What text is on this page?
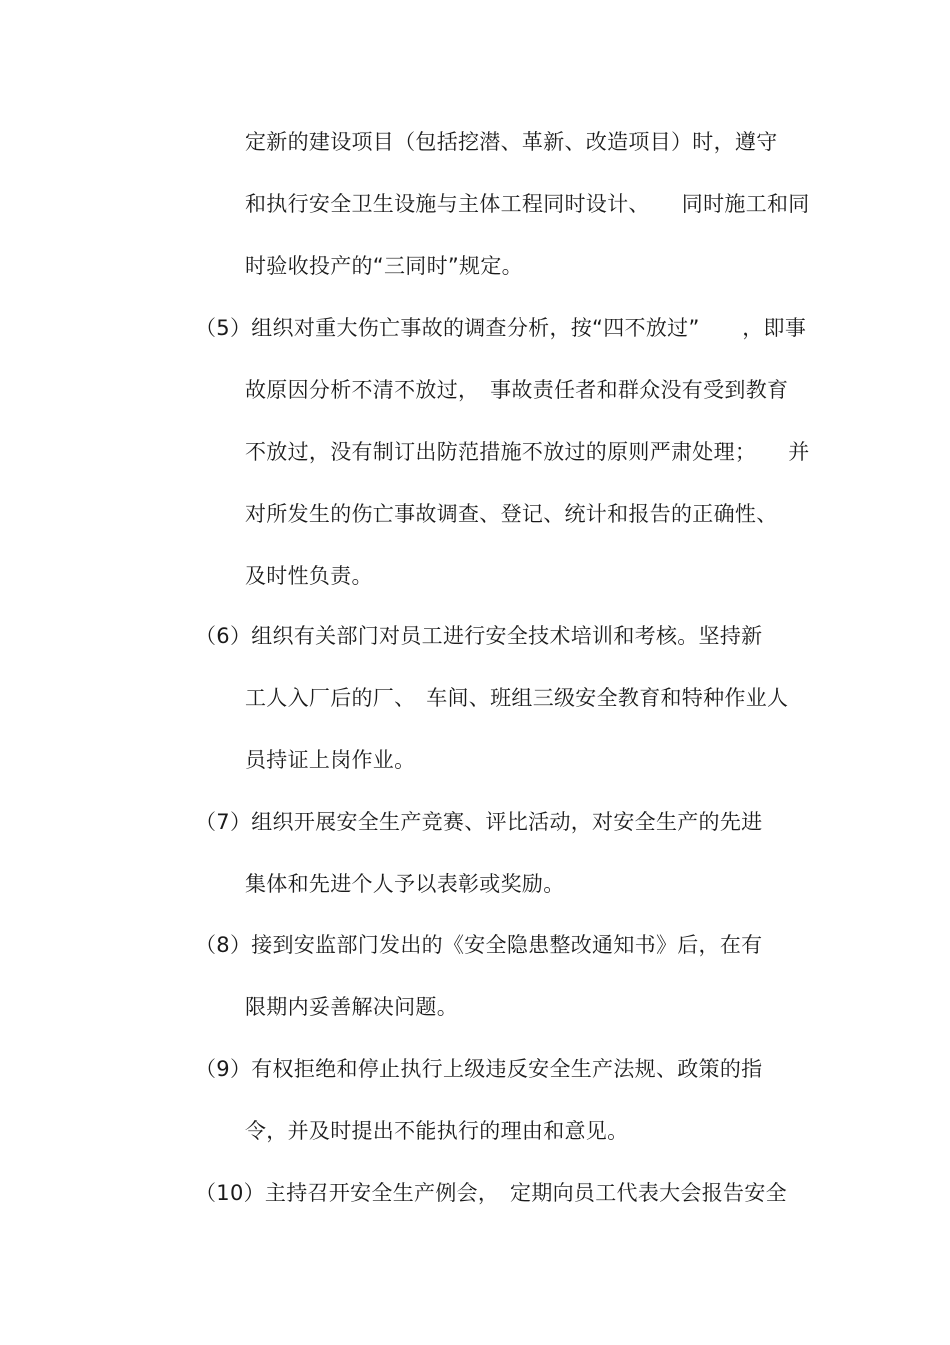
定新的建设项目（包括挖潜、革新、改造项目）时，遵守
和执行安全卫生设施与主体工程同时设计、　　同时施工和同
时验收投产的“三同时”规定。
（5）组织对重大伤亡事故的调查分析，按“四不放过”　　，即事
故原因分析不清不放过，　事故责任者和群众没有受到教育
不放过，没有制订出防范措施不放过的原则严肃处理；　　并
对所发生的伤亡事故调查、登记、统计和报告的正确性、
及时性负责。
（6）组织有关部门对员工进行安全技术培训和考核。坚持新
工人入厂后的厂、　车间、班组三级安全教育和特种作业人
员持证上岗作业。
（7）组织开展安全生产竞赛、评比活动，对安全生产的先进
集体和先进个人予以表彰或奖励。
（8）接到安监部门发出的《安全隐患整改通知书》后，在有
限期内妥善解决问题。
（9）有权拒绝和停止执行上级违反安全生产法规、政策的指
令，并及时提出不能执行的理由和意见。
（10）主持召开安全生产例会，　定期向员工代表大会报告安全
